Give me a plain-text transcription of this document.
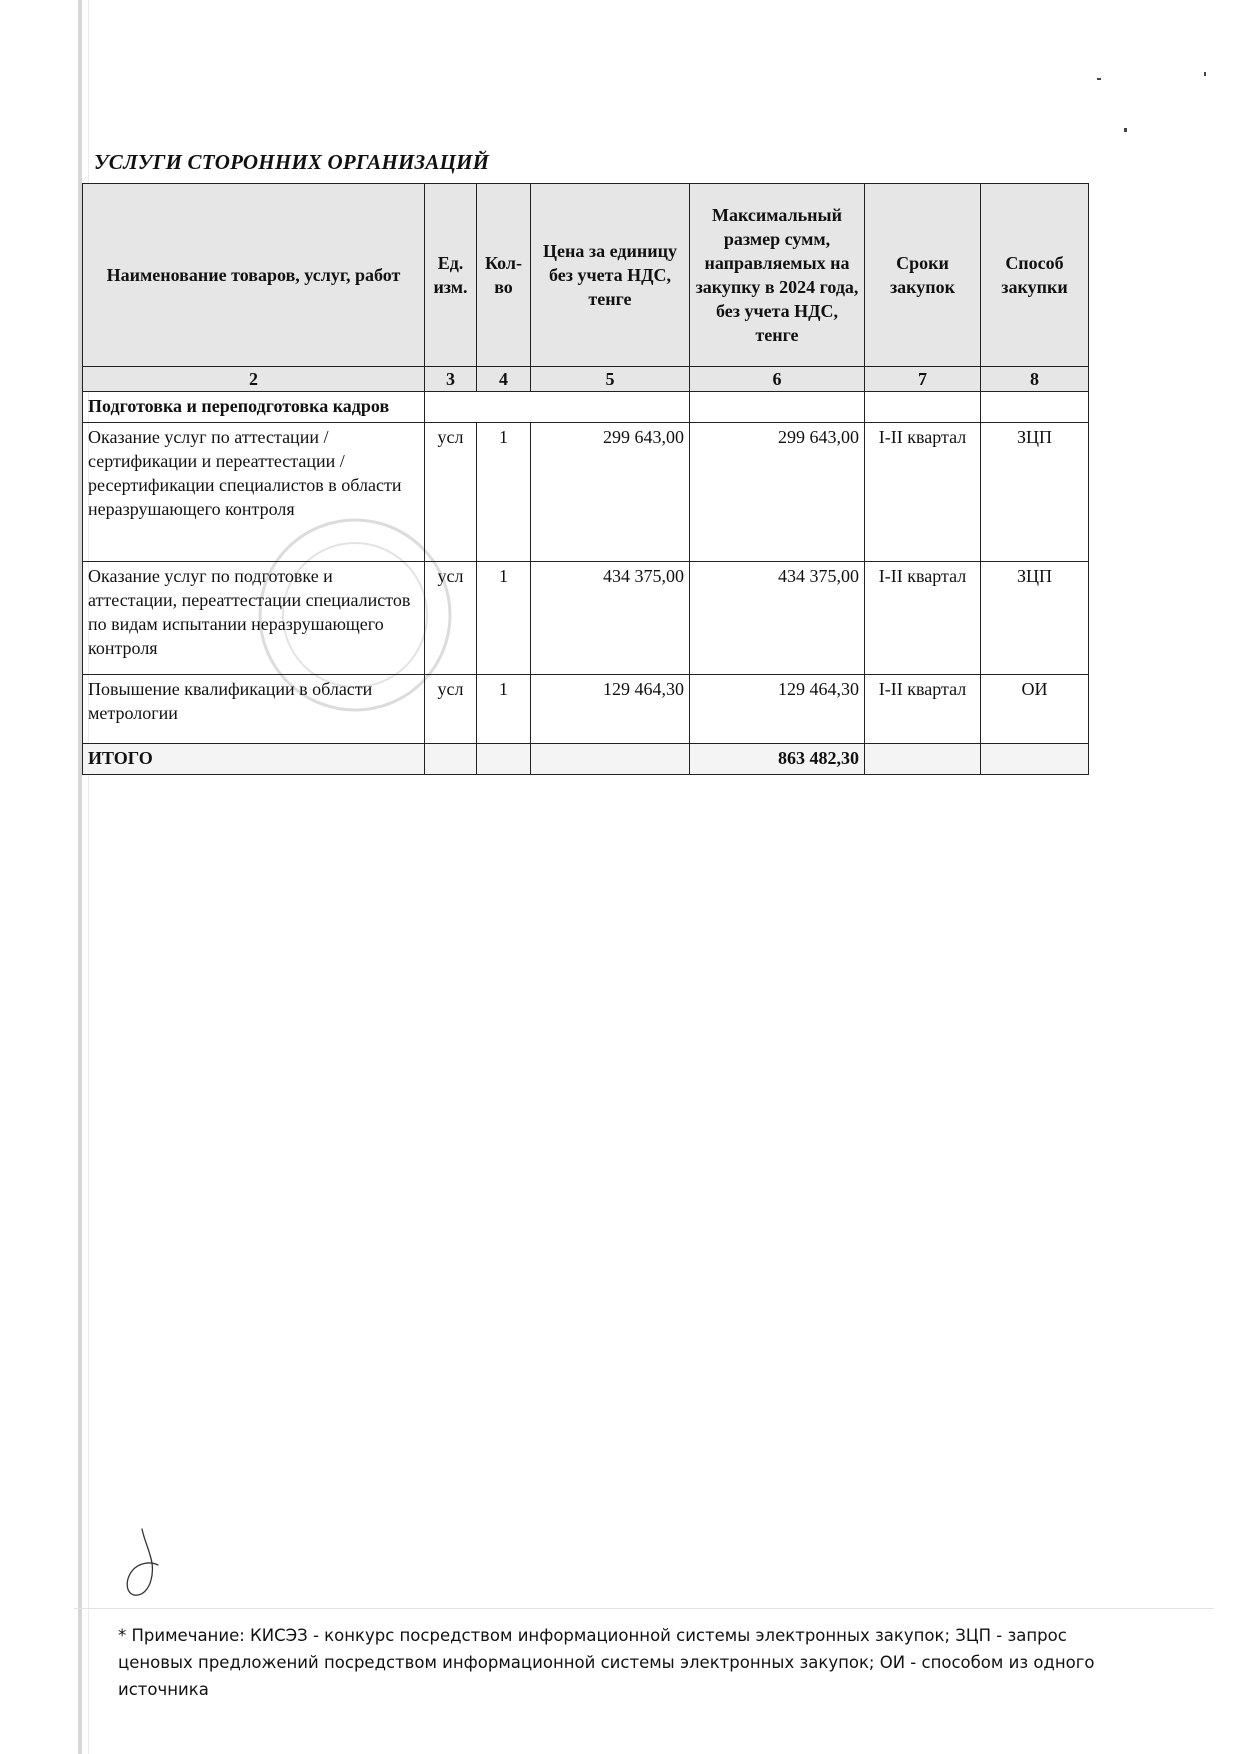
УСЛУГИ СТОРОННИХ ОРГАНИЗАЦИЙ

Наименование товаров, услуг, работ	Ед. изм.	Кол-во	Цена за единицу без учета НДС, тенге	Максимальный размер сумм, направляемых на закупку в 2024 года, без учета НДС, тенге	Сроки закупок	Способ закупки
2	3	4	5	6	7	8
Подготовка и переподготовка кадров						
Оказание услуг по аттестации /сертификации и переаттестации /ресертификации специалистов в области неразрушающего контроля	усл	1	299 643,00	299 643,00	I-II квартал	ЗЦП
Оказание услуг по подготовке и аттестации, переаттестации специалистов по видам испытании неразрушающего контроля	усл	1	434 375,00	434 375,00	I-II квартал	ЗЦП
Повышение квалификации в области метрологии	усл	1	129 464,30	129 464,30	I-II квартал	ОИ
ИТОГО				863 482,30		

* Примечание: КИСЭЗ - конкурс посредством информационной системы электронных закупок; ЗЦП - запрос ценовых предложений посредством информационной системы электронных закупок; ОИ - способом из одного источника
